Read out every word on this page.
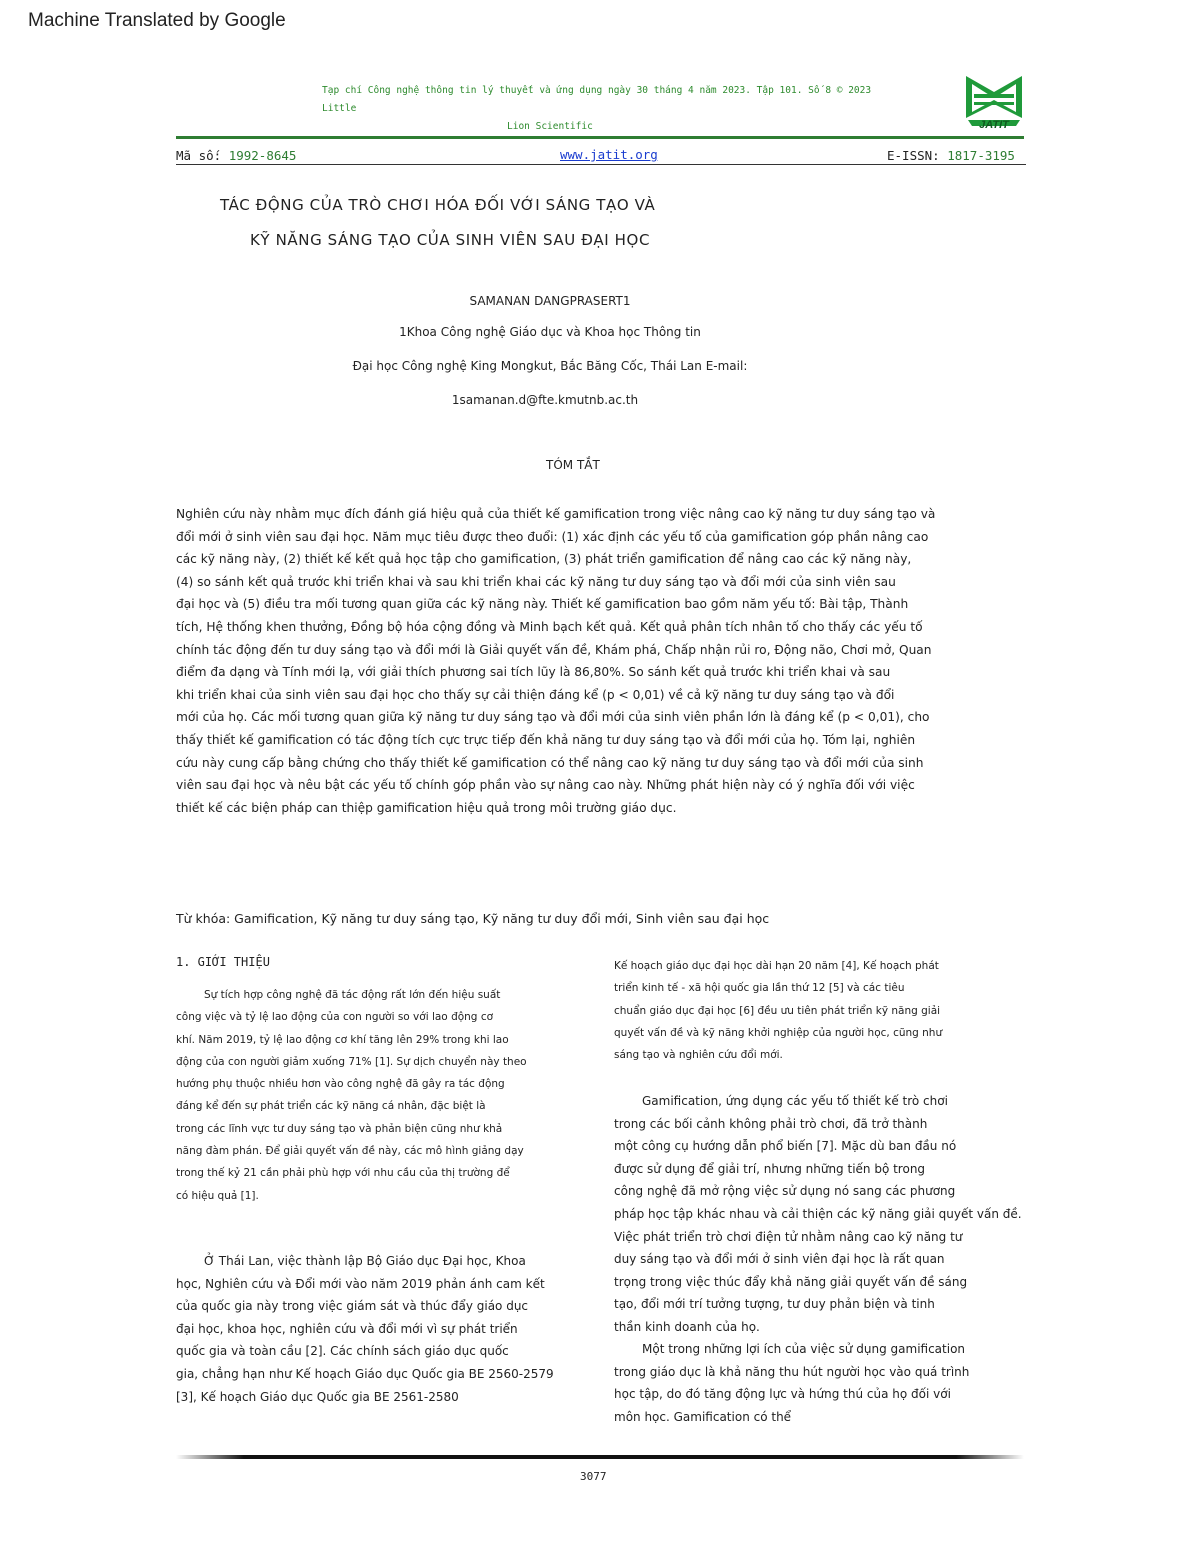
Machine Translated by Google
Tạp chí Công nghệ thông tin lý thuyết và ứng dụng ngày 30 tháng 4 năm 2023. Tập 101. Số 8 © 2023 Little
Lion Scientific	JATIT
Mã số: 1992-8645	www.jatit.org	E-ISSN: 1817-3195
TÁC ĐỘNG CỦA TRÒ CHƠI HÓA ĐỐI VỚI SÁNG TẠO VÀ
KỸ NĂNG SÁNG TẠO CỦA SINH VIÊN SAU ĐẠI HỌC
SAMANAN DANGPRASERT1
1Khoa Công nghệ Giáo dục và Khoa học Thông tin
Đại học Công nghệ King Mongkut, Bắc Băng Cốc, Thái Lan E-mail:
1samanan.d@fte.kmutnb.ac.th
TÓM TẮT
Nghiên cứu này nhằm mục đích đánh giá hiệu quả của thiết kế gamification trong việc nâng cao kỹ năng tư duy sáng tạo và
đổi mới ở sinh viên sau đại học. Năm mục tiêu được theo đuổi: (1) xác định các yếu tố của gamification góp phần nâng cao
các kỹ năng này, (2) thiết kế kết quả học tập cho gamification, (3) phát triển gamification để nâng cao các kỹ năng này,
(4) so sánh kết quả trước khi triển khai và sau khi triển khai các kỹ năng tư duy sáng tạo và đổi mới của sinh viên sau
đại học và (5) điều tra mối tương quan giữa các kỹ năng này. Thiết kế gamification bao gồm năm yếu tố: Bài tập, Thành
tích, Hệ thống khen thưởng, Đồng bộ hóa cộng đồng và Minh bạch kết quả. Kết quả phân tích nhân tố cho thấy các yếu tố
chính tác động đến tư duy sáng tạo và đổi mới là Giải quyết vấn đề, Khám phá, Chấp nhận rủi ro, Động não, Chơi mở, Quan
điểm đa dạng và Tính mới lạ, với giải thích phương sai tích lũy là 86,80%. So sánh kết quả trước khi triển khai và sau
khi triển khai của sinh viên sau đại học cho thấy sự cải thiện đáng kể (p < 0,01) về cả kỹ năng tư duy sáng tạo và đổi
mới của họ. Các mối tương quan giữa kỹ năng tư duy sáng tạo và đổi mới của sinh viên phần lớn là đáng kể (p < 0,01), cho
thấy thiết kế gamification có tác động tích cực trực tiếp đến khả năng tư duy sáng tạo và đổi mới của họ. Tóm lại, nghiên
cứu này cung cấp bằng chứng cho thấy thiết kế gamification có thể nâng cao kỹ năng tư duy sáng tạo và đổi mới của sinh
viên sau đại học và nêu bật các yếu tố chính góp phần vào sự nâng cao này. Những phát hiện này có ý nghĩa đối với việc
thiết kế các biện pháp can thiệp gamification hiệu quả trong môi trường giáo dục.
Từ khóa: Gamification, Kỹ năng tư duy sáng tạo, Kỹ năng tư duy đổi mới, Sinh viên sau đại học
1. GIỚI THIỆU
Sự tích hợp công nghệ đã tác động rất lớn đến hiệu suất
công việc và tỷ lệ lao động của con người so với lao động cơ
khí. Năm 2019, tỷ lệ lao động cơ khí tăng lên 29% trong khi lao
động của con người giảm xuống 71% [1]. Sự dịch chuyển này theo
hướng phụ thuộc nhiều hơn vào công nghệ đã gây ra tác động
đáng kể đến sự phát triển các kỹ năng cá nhân, đặc biệt là
trong các lĩnh vực tư duy sáng tạo và phản biện cũng như khả
năng đàm phán. Để giải quyết vấn đề này, các mô hình giảng dạy
trong thế kỷ 21 cần phải phù hợp với nhu cầu của thị trường để
có hiệu quả [1].
Ở Thái Lan, việc thành lập Bộ Giáo dục Đại học, Khoa
học, Nghiên cứu và Đổi mới vào năm 2019 phản ánh cam kết
của quốc gia này trong việc giám sát và thúc đẩy giáo dục
đại học, khoa học, nghiên cứu và đổi mới vì sự phát triển
quốc gia và toàn cầu [2]. Các chính sách giáo dục quốc
gia, chẳng hạn như Kế hoạch Giáo dục Quốc gia BE 2560-2579
[3], Kế hoạch Giáo dục Quốc gia BE 2561-2580
Kế hoạch giáo dục đại học dài hạn 20 năm [4], Kế hoạch phát
triển kinh tế - xã hội quốc gia lần thứ 12 [5] và các tiêu
chuẩn giáo dục đại học [6] đều ưu tiên phát triển kỹ năng giải
quyết vấn đề và kỹ năng khởi nghiệp của người học, cũng như
sáng tạo và nghiên cứu đổi mới.
Gamification, ứng dụng các yếu tố thiết kế trò chơi
trong các bối cảnh không phải trò chơi, đã trở thành
một công cụ hướng dẫn phổ biến [7]. Mặc dù ban đầu nó
được sử dụng để giải trí, nhưng những tiến bộ trong
công nghệ đã mở rộng việc sử dụng nó sang các phương
pháp học tập khác nhau và cải thiện các kỹ năng giải quyết vấn đề.
Việc phát triển trò chơi điện tử nhằm nâng cao kỹ năng tư
duy sáng tạo và đổi mới ở sinh viên đại học là rất quan
trọng trong việc thúc đẩy khả năng giải quyết vấn đề sáng
tạo, đổi mới trí tưởng tượng, tư duy phản biện và tinh
thần kinh doanh của họ.
Một trong những lợi ích của việc sử dụng gamification
trong giáo dục là khả năng thu hút người học vào quá trình
học tập, do đó tăng động lực và hứng thú của họ đối với
môn học. Gamification có thể
3077
